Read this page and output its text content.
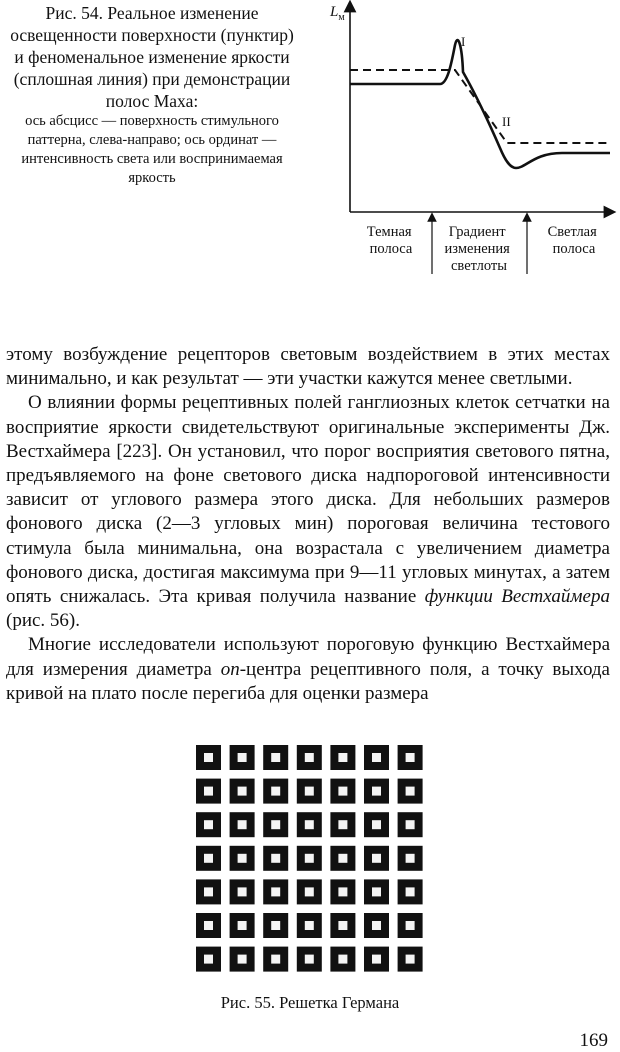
Рис. 54. Реальное изменение освещенности поверхности (пунктир) и феноменальное изменение яркости (сплошная линия) при демонстрации полос Маха:

ось абсцисс — поверхность стимульного паттерна, слева-направо; ось ординат — интенсивность света или воспринимаемая яркость

$L_м$
I
II
Темная полоса
Градиент изменения светлоты
Светлая полоса

этому возбуждение рецепторов световым воздействием в этих местах минимально, и как результат — эти участки кажутся менее светлыми.

О влиянии формы рецептивных полей ганглиозных клеток сетчатки на восприятие яркости свидетельствуют оригинальные эксперименты Дж. Вестхаймера [223]. Он установил, что порог восприятия светового пятна, предъявляемого на фоне светового диска надпороговой интенсивности зависит от углового размера этого диска. Для небольших размеров фонового диска (2—3 угловых мин) пороговая величина тестового стимула была минимальна, она возрастала с увеличением диаметра фонового диска, достигая максимума при 9—11 угловых минутах, а затем опять снижалась. Эта кривая получила название функции Вестхаймера (рис. 56).

Многие исследователи используют пороговую функцию Вестхаймера для измерения диаметра on-центра рецептивного поля, а точку выхода кривой на плато после перегиба для оценки размера

Рис. 55. Решетка Германа
169
